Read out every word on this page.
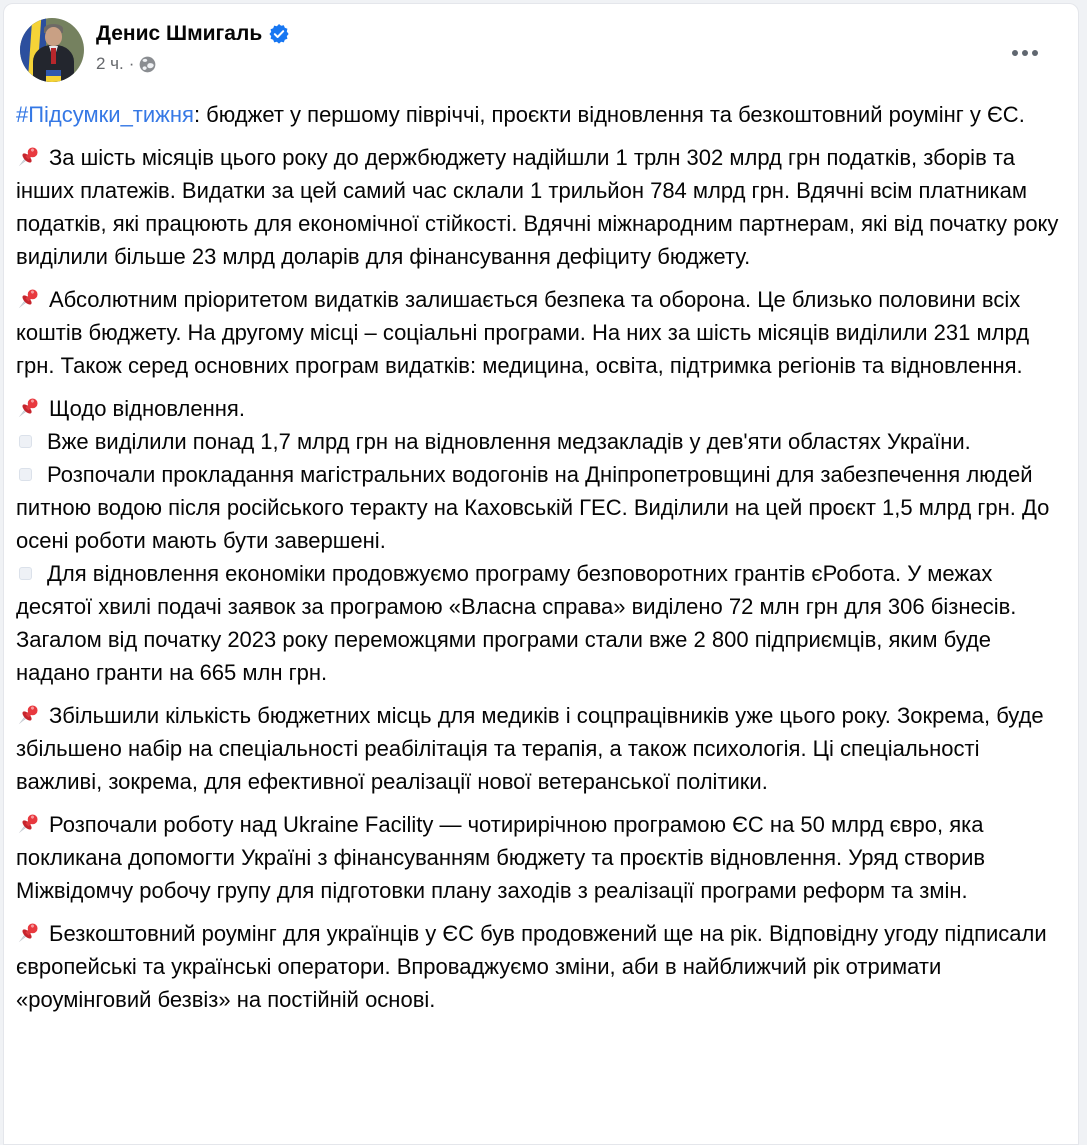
Денис Шмигаль
2 ч. ·

#Підсумки_тижня: бюджет у першому півріччі, проєкти відновлення та безкоштовний роумінг у ЄС.

За шість місяців цього року до держбюджету надійшли 1 трлн 302 млрд грн податків, зборів та інших платежів. Видатки за цей самий час склали 1 трильйон 784 млрд грн. Вдячні всім платникам податків, які працюють для економічної стійкості. Вдячні міжнародним партнерам, які від початку року виділили більше 23 млрд доларів для фінансування дефіциту бюджету.

Абсолютним пріоритетом видатків залишається безпека та оборона. Це близько половини всіх коштів бюджету. На другому місці – соціальні програми. На них за шість місяців виділили 231 млрд грн. Також серед основних програм видатків: медицина, освіта, підтримка регіонів та відновлення.

Щодо відновлення.

Вже виділили понад 1,7 млрд грн на відновлення медзакладів у дев'яти областях України.

Розпочали прокладання магістральних водогонів на Дніпропетровщині для забезпечення людей питною водою після російського теракту на Каховській ГЕС. Виділили на цей проєкт 1,5 млрд грн. До осені роботи мають бути завершені.

Для відновлення економіки продовжуємо програму безповоротних грантів єРобота. У межах десятої хвилі подачі заявок за програмою «Власна справа» виділено 72 млн грн для 306 бізнесів. Загалом від початку 2023 року переможцями програми стали вже 2 800 підприємців, яким буде надано гранти на 665 млн грн.

Збільшили кількість бюджетних місць для медиків і соцпрацівників уже цього року. Зокрема, буде збільшено набір на спеціальності реабілітація та терапія, а також психологія. Ці спеціальності важливі, зокрема, для ефективної реалізації нової ветеранської політики.

Розпочали роботу над Ukraine Facility — чотирирічною програмою ЄС на 50 млрд євро, яка покликана допомогти Україні з фінансуванням бюджету та проєктів відновлення. Уряд створив Міжвідомчу робочу групу для підготовки плану заходів з реалізації програми реформ та змін.

Безкоштовний роумінг для українців у ЄС був продовжений ще на рік. Відповідну угоду підписали європейські та українські оператори. Впроваджуємо зміни, аби в найближчий рік отримати «роумінговий безвіз» на постійній основі.
